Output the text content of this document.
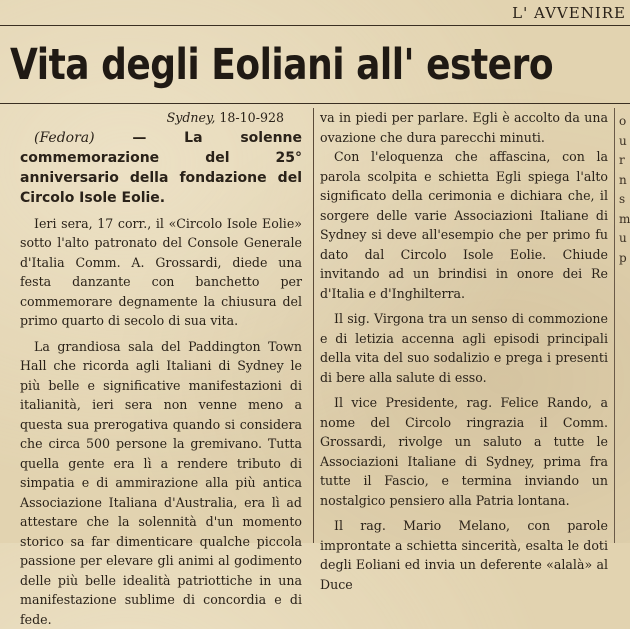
L' AVVENIRE
Vita degli Eoliani all' estero

Sydney, 18-10-928

(Fedora) — La solenne commemorazione del 25° anniversario della fondazione del Circolo Isole Eolie.

Ieri sera, 17 corr., il «Circolo Isole Eolie» sotto l'alto patronato del Console Generale d'Italia Comm. A. Grossardi, diede una festa danzante con banchetto per commemorare degnamente la chiusura del primo quarto di secolo di sua vita.

La grandiosa sala del Paddington Town Hall che ricorda agli Italiani di Sydney le più belle e significative manifestazioni di italianità, ieri sera non venne meno a questa sua prerogativa quando si considera che circa 500 persone la gremivano. Tutta quella gente era lì a rendere tributo di simpatia e di ammirazione alla più antica Associazione Italiana d'Australia, era lì ad attestare che la solennità d'un momento storico sa far dimenticare qualche piccola passione per elevare gli animi al godimento delle più belle idealità patriottiche in una manifestazione sublime di concordia e di fede.

va in piedi per parlare. Egli è accolto da una ovazione che dura parecchi minuti.

Con l'eloquenza che affascina, con la parola scolpita e schietta Egli spiega l'alto significato della cerimonia e dichiara che, il sorgere delle varie Associazioni Italiane di Sydney si deve all'esempio che per primo fu dato dal Circolo Isole Eolie. Chiude invitando ad un brindisi in onore dei Re d'Italia e d'Inghilterra.

Il sig. Virgona tra un senso di commozione e di letizia accenna agli episodi principali della vita del suo sodalizio e prega i presenti di bere alla salute di esso.

Il vice Presidente, rag. Felice Rando, a nome del Circolo ringrazia il Comm. Grossardi, rivolge un saluto a tutte le Associazioni Italiane di Sydney, prima fra tutte il Fascio, e termina inviando un nostalgico pensiero alla Patria lontana.

Il rag. Mario Melano, con parole improntate a schietta sincerità, esalta le doti degli Eoliani ed invia un deferente «alalà» al Duce

o
u
r
n
s
m
u
p
